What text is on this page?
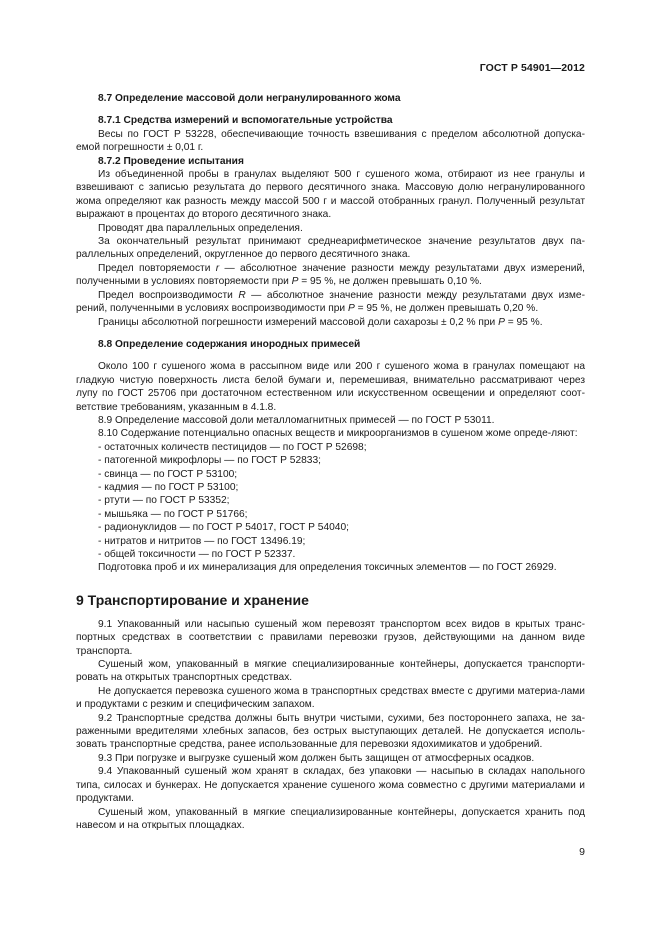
ГОСТ Р 54901—2012

8.7 Определение массовой доли негранулированного жома

8.7.1 Средства измерений и вспомогательные устройства

Весы по ГОСТ Р 53228, обеспечивающие точность взвешивания с пределом абсолютной допуска-емой погрешности ± 0,01 г.

8.7.2 Проведение испытания

Из объединенной пробы в гранулах выделяют 500 г сушеного жома, отбирают из нее гранулы и взвешивают с записью результата до первого десятичного знака. Массовую долю негранулированного жома определяют как разность между массой 500 г и массой отобранных гранул. Полученный результат выражают в процентах до второго десятичного знака.

Проводят два параллельных определения.

За окончательный результат принимают среднеарифметическое значение результатов двух па-раллельных определений, округленное до первого десятичного знака.

Предел повторяемости r — абсолютное значение разности между результатами двух измерений, полученными в условиях повторяемости при P = 95 %, не должен превышать 0,10 %.

Предел воспроизводимости R — абсолютное значение разности между результатами двух изме-рений, полученными в условиях воспроизводимости при P = 95 %, не должен превышать 0,20 %.

Границы абсолютной погрешности измерений массовой доли сахарозы ± 0,2 % при P = 95 %.

8.8 Определение содержания инородных примесей

Около 100 г сушеного жома в рассыпном виде или 200 г сушеного жома в гранулах помещают на гладкую чистую поверхность листа белой бумаги и, перемешивая, внимательно рассматривают через лупу по ГОСТ 25706 при достаточном естественном или искусственном освещении и определяют соот-ветствие требованиям, указанным в 4.1.8.

8.9 Определение массовой доли металломагнитных примесей — по ГОСТ Р 53011.

8.10 Содержание потенциально опасных веществ и микроорганизмов в сушеном жоме опреде-ляют:

- остаточных количеств пестицидов — по ГОСТ Р 52698;
- патогенной микрофлоры — по ГОСТ Р 52833;
- свинца — по ГОСТ Р 53100;
- кадмия — по ГОСТ Р 53100;
- ртути — по ГОСТ Р 53352;
- мышьяка — по ГОСТ Р 51766;
- радионуклидов — по ГОСТ Р 54017, ГОСТ Р 54040;
- нитратов и нитритов — по ГОСТ 13496.19;
- общей токсичности — по ГОСТ Р 52337.

Подготовка проб и их минерализация для определения токсичных элементов — по ГОСТ 26929.

9 Транспортирование и хранение

9.1 Упакованный или насыпью сушеный жом перевозят транспортом всех видов в крытых транс-портных средствах в соответствии с правилами перевозки грузов, действующими на данном виде транспорта.

Сушеный жом, упакованный в мягкие специализированные контейнеры, допускается транспорти-ровать на открытых транспортных средствах.

Не допускается перевозка сушеного жома в транспортных средствах вместе с другими материа-лами и продуктами с резким и специфическим запахом.

9.2 Транспортные средства должны быть внутри чистыми, сухими, без постороннего запаха, не за-раженными вредителями хлебных запасов, без острых выступающих деталей. Не допускается исполь-зовать транспортные средства, ранее использованные для перевозки ядохимикатов и удобрений.

9.3 При погрузке и выгрузке сушеный жом должен быть защищен от атмосферных осадков.

9.4 Упакованный сушеный жом хранят в складах, без упаковки — насыпью в складах напольного типа, силосах и бункерах. Не допускается хранение сушеного жома совместно с другими материалами и продуктами.

Сушеный жом, упакованный в мягкие специализированные контейнеры, допускается хранить под навесом и на открытых площадках.

9
